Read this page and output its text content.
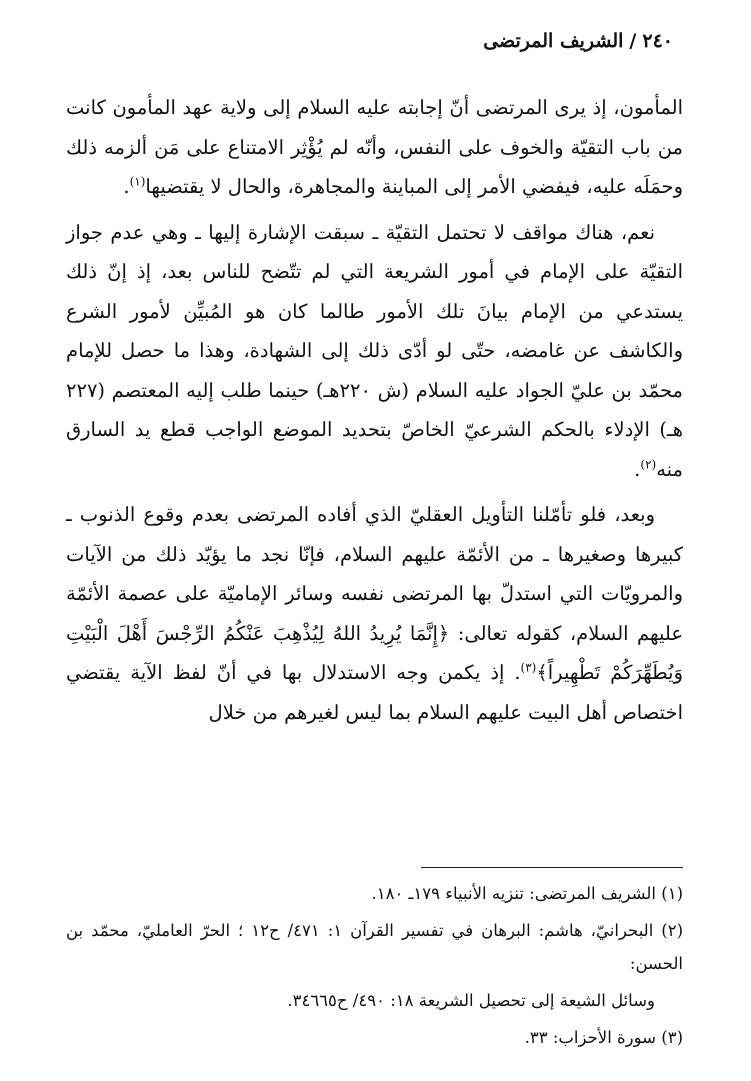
٢٤٠/الشريف المرتضى

المأمون، إذ يرى المرتضى أنّ إجابته عليه السلام إلى ولاية عهد المأمون كانت من باب التقيّة والخوف على النفس، وأنّه لم يُؤْثِر الامتناع على مَن ألزمه ذلك وحمَلَه عليه، فيفضي الأمر إلى المباينة والمجاهرة، والحال لا يقتضيها$^{(١)}$.

نعم، هناك مواقف لا تحتمل التقيّة ـ سبقت الإشارة إليها ـ وهي عدم جواز التقيّة على الإمام في أمور الشريعة التي لم تتّضح للناس بعد، إذ إنّ ذلك يستدعي من الإمام بيانَ تلك الأمور طالما كان هو المُبيِّن لأمور الشرع والكاشف عن غامضه، حتّى لو أدّى ذلك إلى الشهادة، وهذا ما حصل للإمام محمّد بن عليّ الجواد عليه السلام (ش ٢٢٠هـ) حينما طلب إليه المعتصم (٢٢٧ هـ) الإدلاء بالحكم الشرعيّ الخاصّ بتحديد الموضع الواجب قطع يد السارق منه$^{(٢)}$.

وبعد، فلو تأمّلنا التأويل العقليّ الذي أفاده المرتضى بعدم وقوع الذنوب ـ كبيرها وصغيرها ـ من الأئمّة عليهم السلام، فإنّا نجد ما يؤيّد ذلك من الآيات والمرويّات التي استدلّ بها المرتضى نفسه وسائر الإماميّة على عصمة الأئمّة عليهم السلام، كقوله تعالى: ﴿إِنَّمَا يُرِيدُ اللهُ لِيُذْهِبَ عَنْكُمُ الرِّجْسَ أَهْلَ الْبَيْتِ وَيُطَهِّرَكُمْ تَطْهِيراً﴾$^{(٣)}$. إذ يكمن وجه الاستدلال بها في أنّ لفظ الآية يقتضي اختصاص أهل البيت عليهم السلام بما ليس لغيرهم من خلال

(١) الشريف المرتضى: تنزيه الأنبياء ١٧٩ـ ١٨٠.

(٢) البحرانيّ، هاشم: البرهان في تفسير القرآن ١: ٤٧١/ ح١٢ ؛ الحرّ العامليّ، محمّد بن الحسن:

وسائل الشيعة إلى تحصيل الشريعة ١٨: ٤٩٠/ ح٣٤٦٦٥.

(٣) سورة الأحزاب: ٣٣.
